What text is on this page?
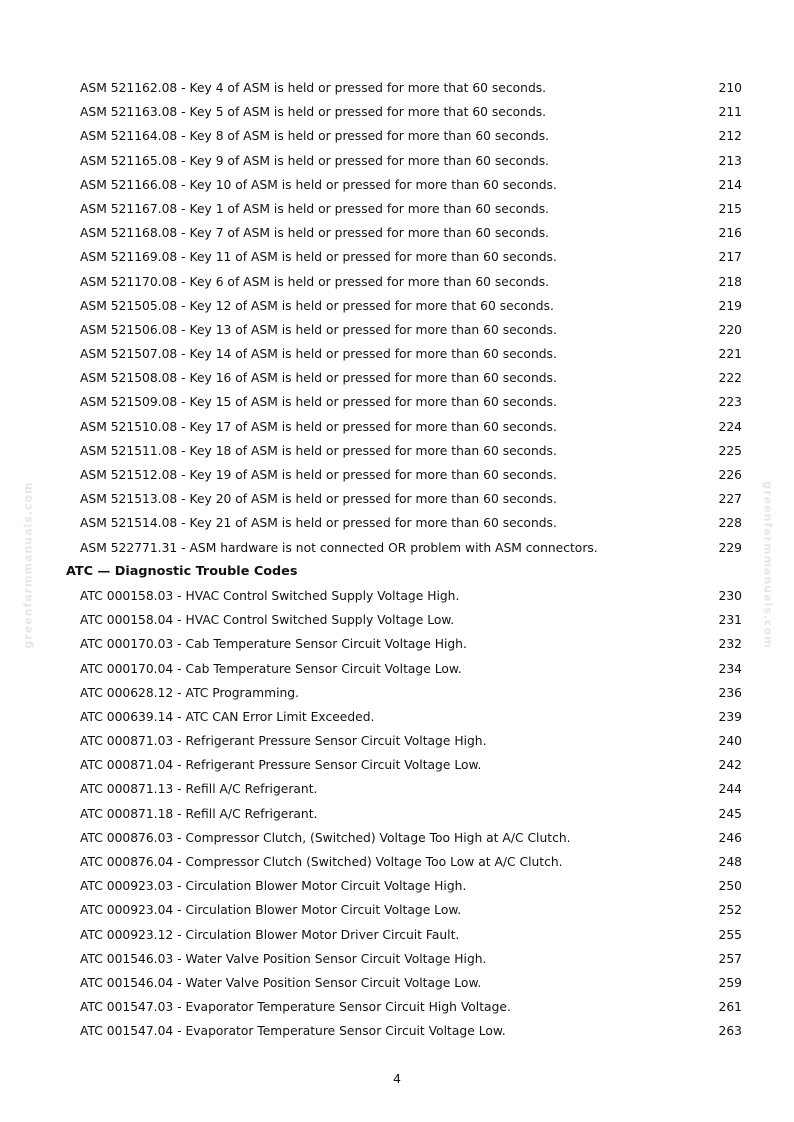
greenfarmmanuals.com	greenfarmmanuals.com
ASM 521162.08 - Key 4 of ASM is held or pressed for more that 60 seconds.	210
ASM 521163.08 - Key 5 of ASM is held or pressed for more that 60 seconds.	211
ASM 521164.08 - Key 8 of ASM is held or pressed for more than 60 seconds.	212
ASM 521165.08 - Key 9 of ASM is held or pressed for more than 60 seconds.	213
ASM 521166.08 - Key 10 of ASM is held or pressed for more than 60 seconds.	214
ASM 521167.08 - Key 1 of ASM is held or pressed for more than 60 seconds.	215
ASM 521168.08 - Key 7 of ASM is held or pressed for more than 60 seconds.	216
ASM 521169.08 - Key 11 of ASM is held or pressed for more than 60 seconds.	217
ASM 521170.08 - Key 6 of ASM is held or pressed for more than 60 seconds.	218
ASM 521505.08 - Key 12 of ASM is held or pressed for more that 60 seconds.	219
ASM 521506.08 - Key 13 of ASM is held or pressed for more than 60 seconds.	220
ASM 521507.08 - Key 14 of ASM is held or pressed for more than 60 seconds.	221
ASM 521508.08 - Key 16 of ASM is held or pressed for more than 60 seconds.	222
ASM 521509.08 - Key 15 of ASM is held or pressed for more than 60 seconds.	223
ASM 521510.08 - Key 17 of ASM is held or pressed for more than 60 seconds.	224
ASM 521511.08 - Key 18 of ASM is held or pressed for more than 60 seconds.	225
ASM 521512.08 - Key 19 of ASM is held or pressed for more than 60 seconds.	226
ASM 521513.08 - Key 20 of ASM is held or pressed for more than 60 seconds.	227
ASM 521514.08 - Key 21 of ASM is held or pressed for more than 60 seconds.	228
ASM 522771.31 - ASM hardware is not connected OR problem with ASM connectors.	229
ATC — Diagnostic Trouble Codes
ATC 000158.03 - HVAC Control Switched Supply Voltage High.	230
ATC 000158.04 - HVAC Control Switched Supply Voltage Low.	231
ATC 000170.03 - Cab Temperature Sensor Circuit Voltage High.	232
ATC 000170.04 - Cab Temperature Sensor Circuit Voltage Low.	234
ATC 000628.12 - ATC Programming.	236
ATC 000639.14 - ATC CAN Error Limit Exceeded.	239
ATC 000871.03 - Refrigerant Pressure Sensor Circuit Voltage High.	240
ATC 000871.04 - Refrigerant Pressure Sensor Circuit Voltage Low.	242
ATC 000871.13 - Refill A/C Refrigerant.	244
ATC 000871.18 - Refill A/C Refrigerant.	245
ATC 000876.03 - Compressor Clutch, (Switched) Voltage Too High at A/C Clutch.	246
ATC 000876.04 - Compressor Clutch (Switched) Voltage Too Low at A/C Clutch.	248
ATC 000923.03 - Circulation Blower Motor Circuit Voltage High.	250
ATC 000923.04 - Circulation Blower Motor Circuit Voltage Low.	252
ATC 000923.12 - Circulation Blower Motor Driver Circuit Fault.	255
ATC 001546.03 - Water Valve Position Sensor Circuit Voltage High.	257
ATC 001546.04 - Water Valve Position Sensor Circuit Voltage Low.	259
ATC 001547.03 - Evaporator Temperature Sensor Circuit High Voltage.	261
ATC 001547.04 - Evaporator Temperature Sensor Circuit Voltage Low.	263
4
